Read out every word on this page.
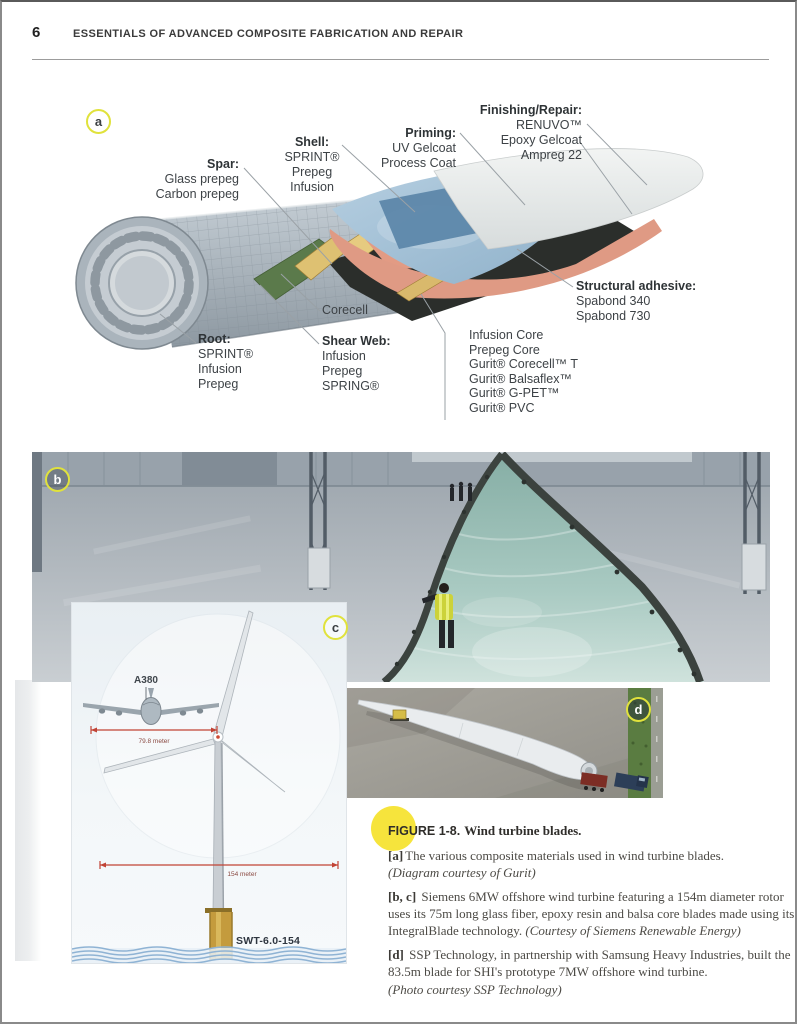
6	ESSENTIALS OF ADVANCED COMPOSITE FABRICATION AND REPAIR
a
Spar:
Glass prepeg
Carbon prepeg
Shell:
SPRINT®
Prepeg
Infusion
Priming:
UV Gelcoat
Process Coat
Finishing/Repair:
RENUVO™
Epoxy Gelcoat
Ampreg 22
Structural adhesive:
Spabond 340
Spabond 730
Infusion Core
Prepeg Core
Gurit® Corecell™ T
Gurit® Balsaflex™
Gurit® G-PET™
Gurit® PVC
Root:
SPRINT®
Infusion
Prepeg
Corecell
Shear Web:
Infusion
Prepeg
SPRING®
b
A380
79.8 meter
154 meter
SWT-6.0-154
c
d

FIGURE 1-8. Wind turbine blades.

[a] The various composite materials used in wind turbine blades.
(Diagram courtesy of Gurit)

[b, c] Siemens 6MW offshore wind turbine featuring a 154m diameter rotor uses its 75m long glass fiber, epoxy resin and balsa core blades made using its IntegralBlade technology. (Courtesy of Siemens Renewable Energy)

[d] SSP Technology, in partnership with Samsung Heavy Industries, built the 83.5m blade for SHI's prototype 7MW offshore wind turbine.
(Photo courtesy SSP Technology)
